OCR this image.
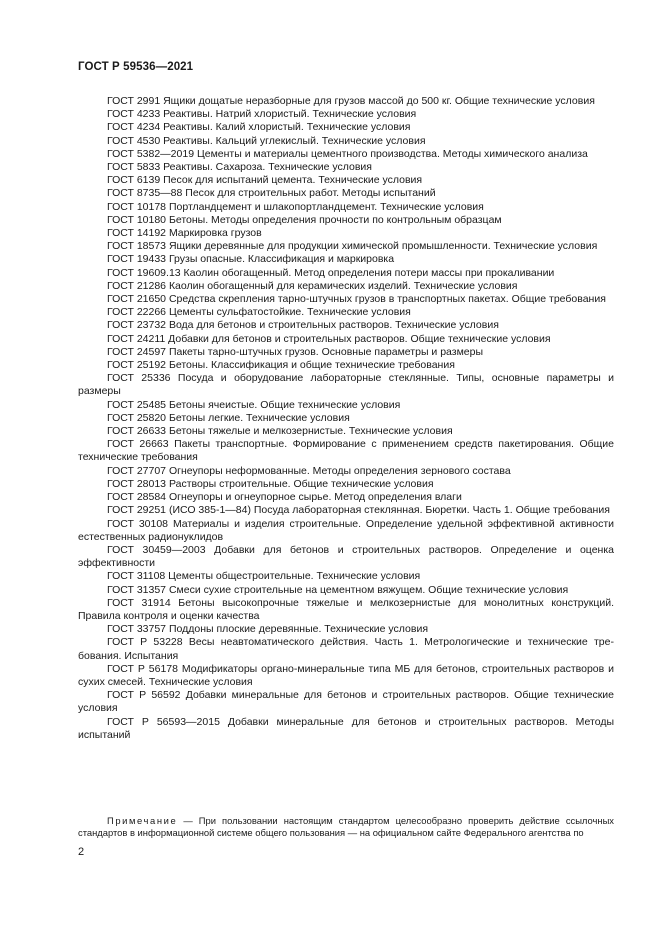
ГОСТ Р 59536—2021

ГОСТ 2991 Ящики дощатые неразборные для грузов массой до 500 кг. Общие технические условия

ГОСТ 4233 Реактивы. Натрий хлористый. Технические условия

ГОСТ 4234 Реактивы. Калий хлористый. Технические условия

ГОСТ 4530 Реактивы. Кальций углекислый. Технические условия

ГОСТ 5382—2019 Цементы и материалы цементного производства. Методы химического анализа

ГОСТ 5833 Реактивы. Сахароза. Технические условия

ГОСТ 6139 Песок для испытаний цемента. Технические условия

ГОСТ 8735—88 Песок для строительных работ. Методы испытаний

ГОСТ 10178 Портландцемент и шлакопортландцемент. Технические условия

ГОСТ 10180 Бетоны. Методы определения прочности по контрольным образцам

ГОСТ 14192 Маркировка грузов

ГОСТ 18573 Ящики деревянные для продукции химической промышленности. Технические условия

ГОСТ 19433 Грузы опасные. Классификация и маркировка

ГОСТ 19609.13 Каолин обогащенный. Метод определения потери массы при прокаливании

ГОСТ 21286 Каолин обогащенный для керамических изделий. Технические условия

ГОСТ 21650 Средства скрепления тарно-штучных грузов в транспортных пакетах. Общие требования

ГОСТ 22266 Цементы сульфатостойкие. Технические условия

ГОСТ 23732 Вода для бетонов и строительных растворов. Технические условия

ГОСТ 24211 Добавки для бетонов и строительных растворов. Общие технические условия

ГОСТ 24597 Пакеты тарно-штучных грузов. Основные параметры и размеры

ГОСТ 25192 Бетоны. Классификация и общие технические требования

ГОСТ 25336 Посуда и оборудование лабораторные стеклянные. Типы, основные параметры и размеры

ГОСТ 25485 Бетоны ячеистые. Общие технические условия

ГОСТ 25820 Бетоны легкие. Технические условия

ГОСТ 26633 Бетоны тяжелые и мелкозернистые. Технические условия

ГОСТ 26663 Пакеты транспортные. Формирование с применением средств пакетирования. Общие технические требования

ГОСТ 27707 Огнеупоры неформованные. Методы определения зернового состава

ГОСТ 28013 Растворы строительные. Общие технические условия

ГОСТ 28584 Огнеупоры и огнеупорное сырье. Метод определения влаги

ГОСТ 29251 (ИСО 385-1—84) Посуда лабораторная стеклянная. Бюретки. Часть 1. Общие требования

ГОСТ 30108 Материалы и изделия строительные. Определение удельной эффективной активности естественных радионуклидов

ГОСТ 30459—2003 Добавки для бетонов и строительных растворов. Определение и оценка эффективности

ГОСТ 31108 Цементы общестроительные. Технические условия

ГОСТ 31357 Смеси сухие строительные на цементном вяжущем. Общие технические условия

ГОСТ 31914 Бетоны высокопрочные тяжелые и мелкозернистые для монолитных конструкций. Правила контроля и оценки качества

ГОСТ 33757 Поддоны плоские деревянные. Технические условия

ГОСТ Р 53228 Весы неавтоматического действия. Часть 1. Метрологические и технические требования. Испытания

ГОСТ Р 56178 Модификаторы органо-минеральные типа МБ для бетонов, строительных растворов и сухих смесей. Технические условия

ГОСТ Р 56592 Добавки минеральные для бетонов и строительных растворов. Общие технические условия

ГОСТ Р 56593—2015 Добавки минеральные для бетонов и строительных растворов. Методы испытаний

Примечание — При пользовании настоящим стандартом целесообразно проверить действие ссылочных стандартов в информационной системе общего пользования — на официальном сайте Федерального агентства по

2
